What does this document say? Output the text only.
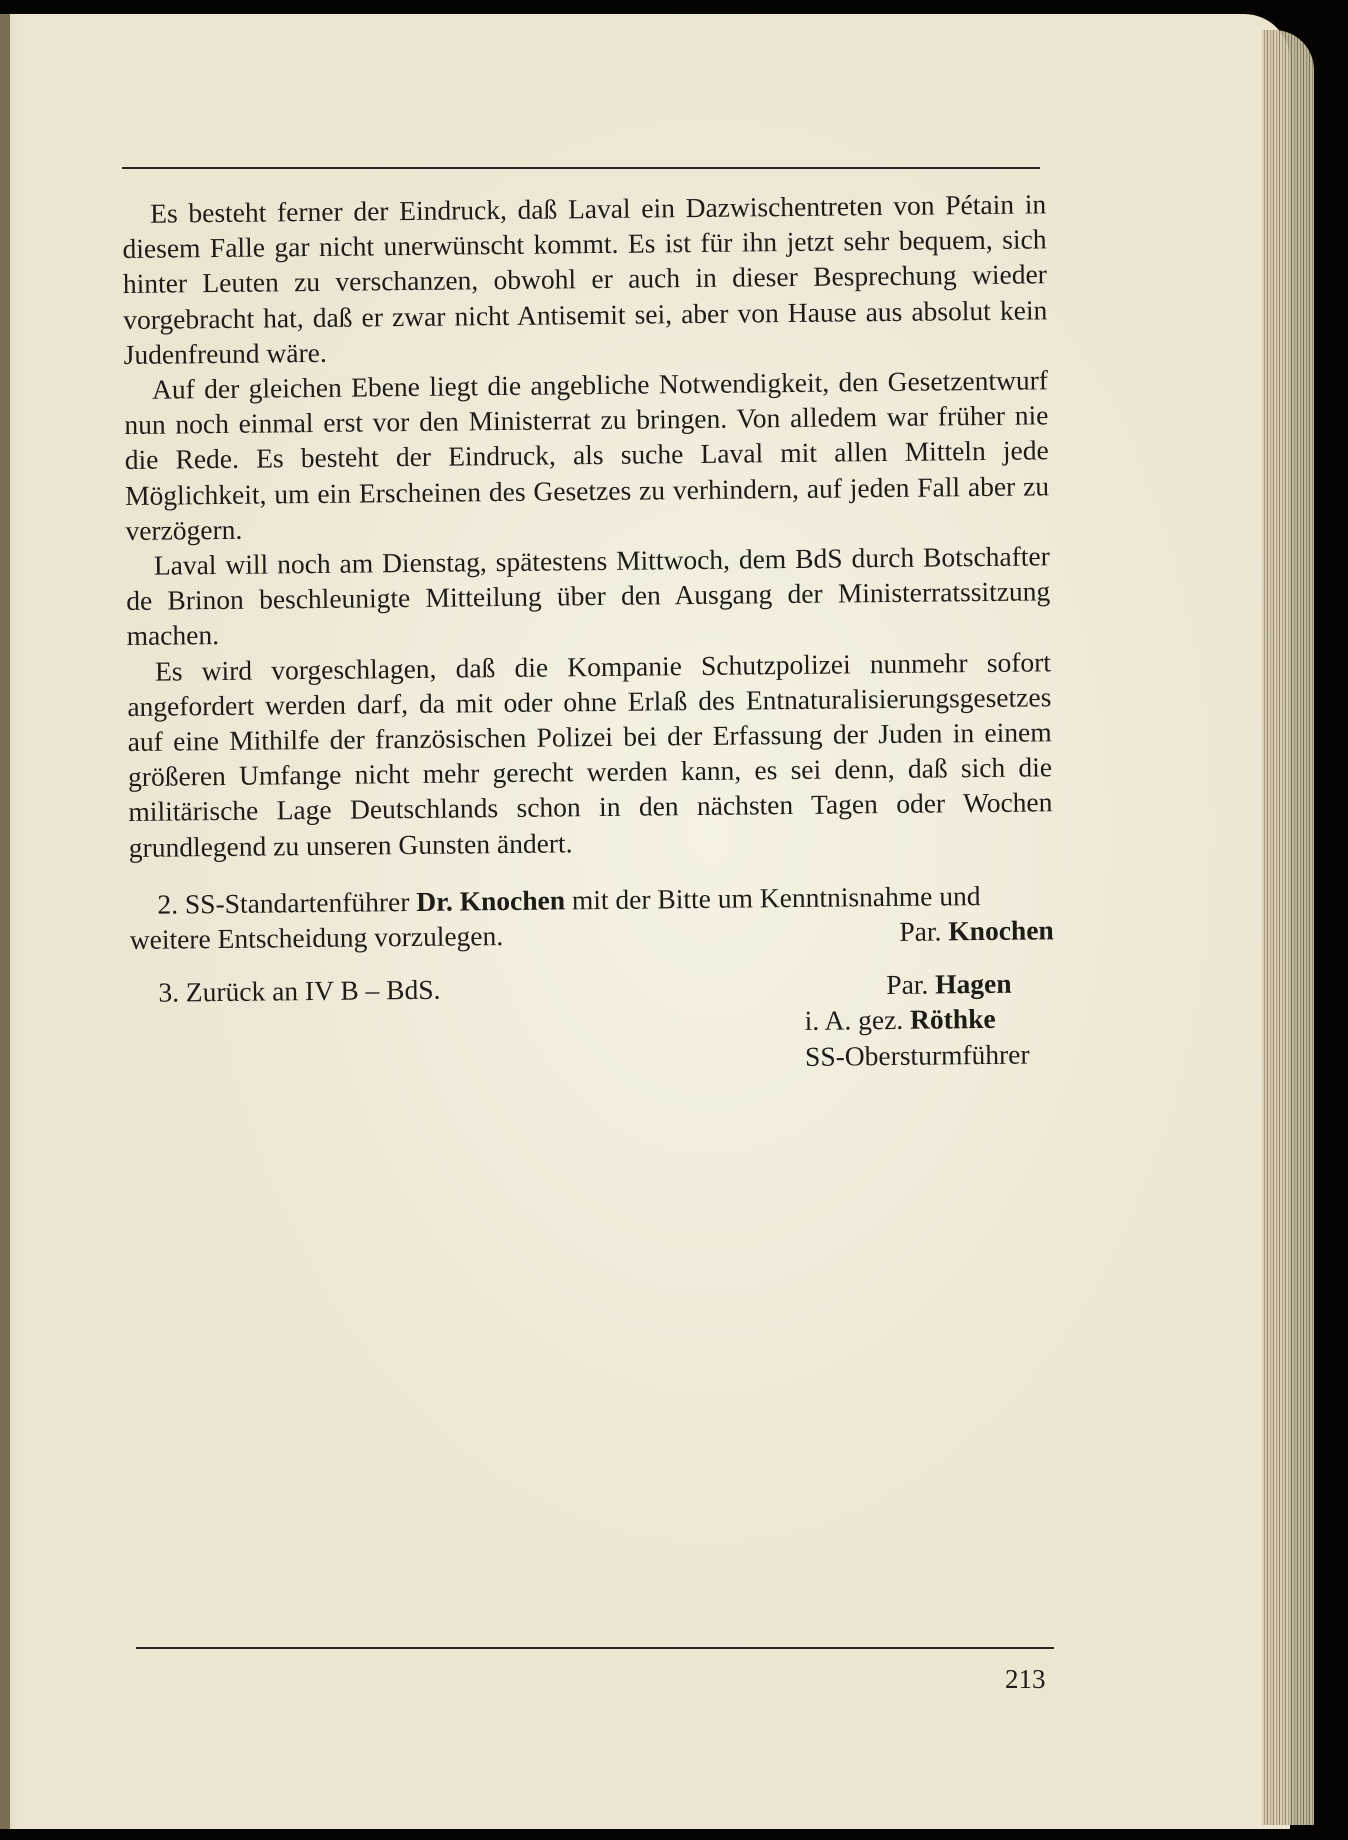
Es besteht ferner der Eindruck, daß Laval ein Dazwischentreten von Pétain in diesem Falle gar nicht unerwünscht kommt. Es ist für ihn jetzt sehr bequem, sich hinter Leuten zu verschanzen, obwohl er auch in dieser Besprechung wieder vorgebracht hat, daß er zwar nicht Antisemit sei, aber von Hause aus absolut kein Judenfreund wäre.

Auf der gleichen Ebene liegt die angebliche Notwendigkeit, den Gesetzentwurf nun noch einmal erst vor den Ministerrat zu bringen. Von alledem war früher nie die Rede. Es besteht der Eindruck, als suche Laval mit allen Mitteln jede Möglichkeit, um ein Erscheinen des Gesetzes zu verhindern, auf jeden Fall aber zu verzögern.

Laval will noch am Dienstag, spätestens Mittwoch, dem BdS durch Botschafter de Brinon beschleunigte Mitteilung über den Ausgang der Ministerratssitzung machen.

Es wird vorgeschlagen, daß die Kompanie Schutzpolizei nunmehr sofort angefordert werden darf, da mit oder ohne Erlaß des Entnaturalisierungsgesetzes auf eine Mithilfe der französischen Polizei bei der Erfassung der Juden in einem größeren Umfange nicht mehr gerecht werden kann, es sei denn, daß sich die militärische Lage Deutschlands schon in den nächsten Tagen oder Wochen grundlegend zu unseren Gunsten ändert.

2. SS-Standartenführer Dr. Knochen mit der Bitte um Kenntnisnahme und

weitere Entscheidung vorzulegen.	Par. Knochen
3. Zurück an IV B – BdS.	Par. Hagen
i. A. gez. Röthke
SS-Obersturmführer
213
